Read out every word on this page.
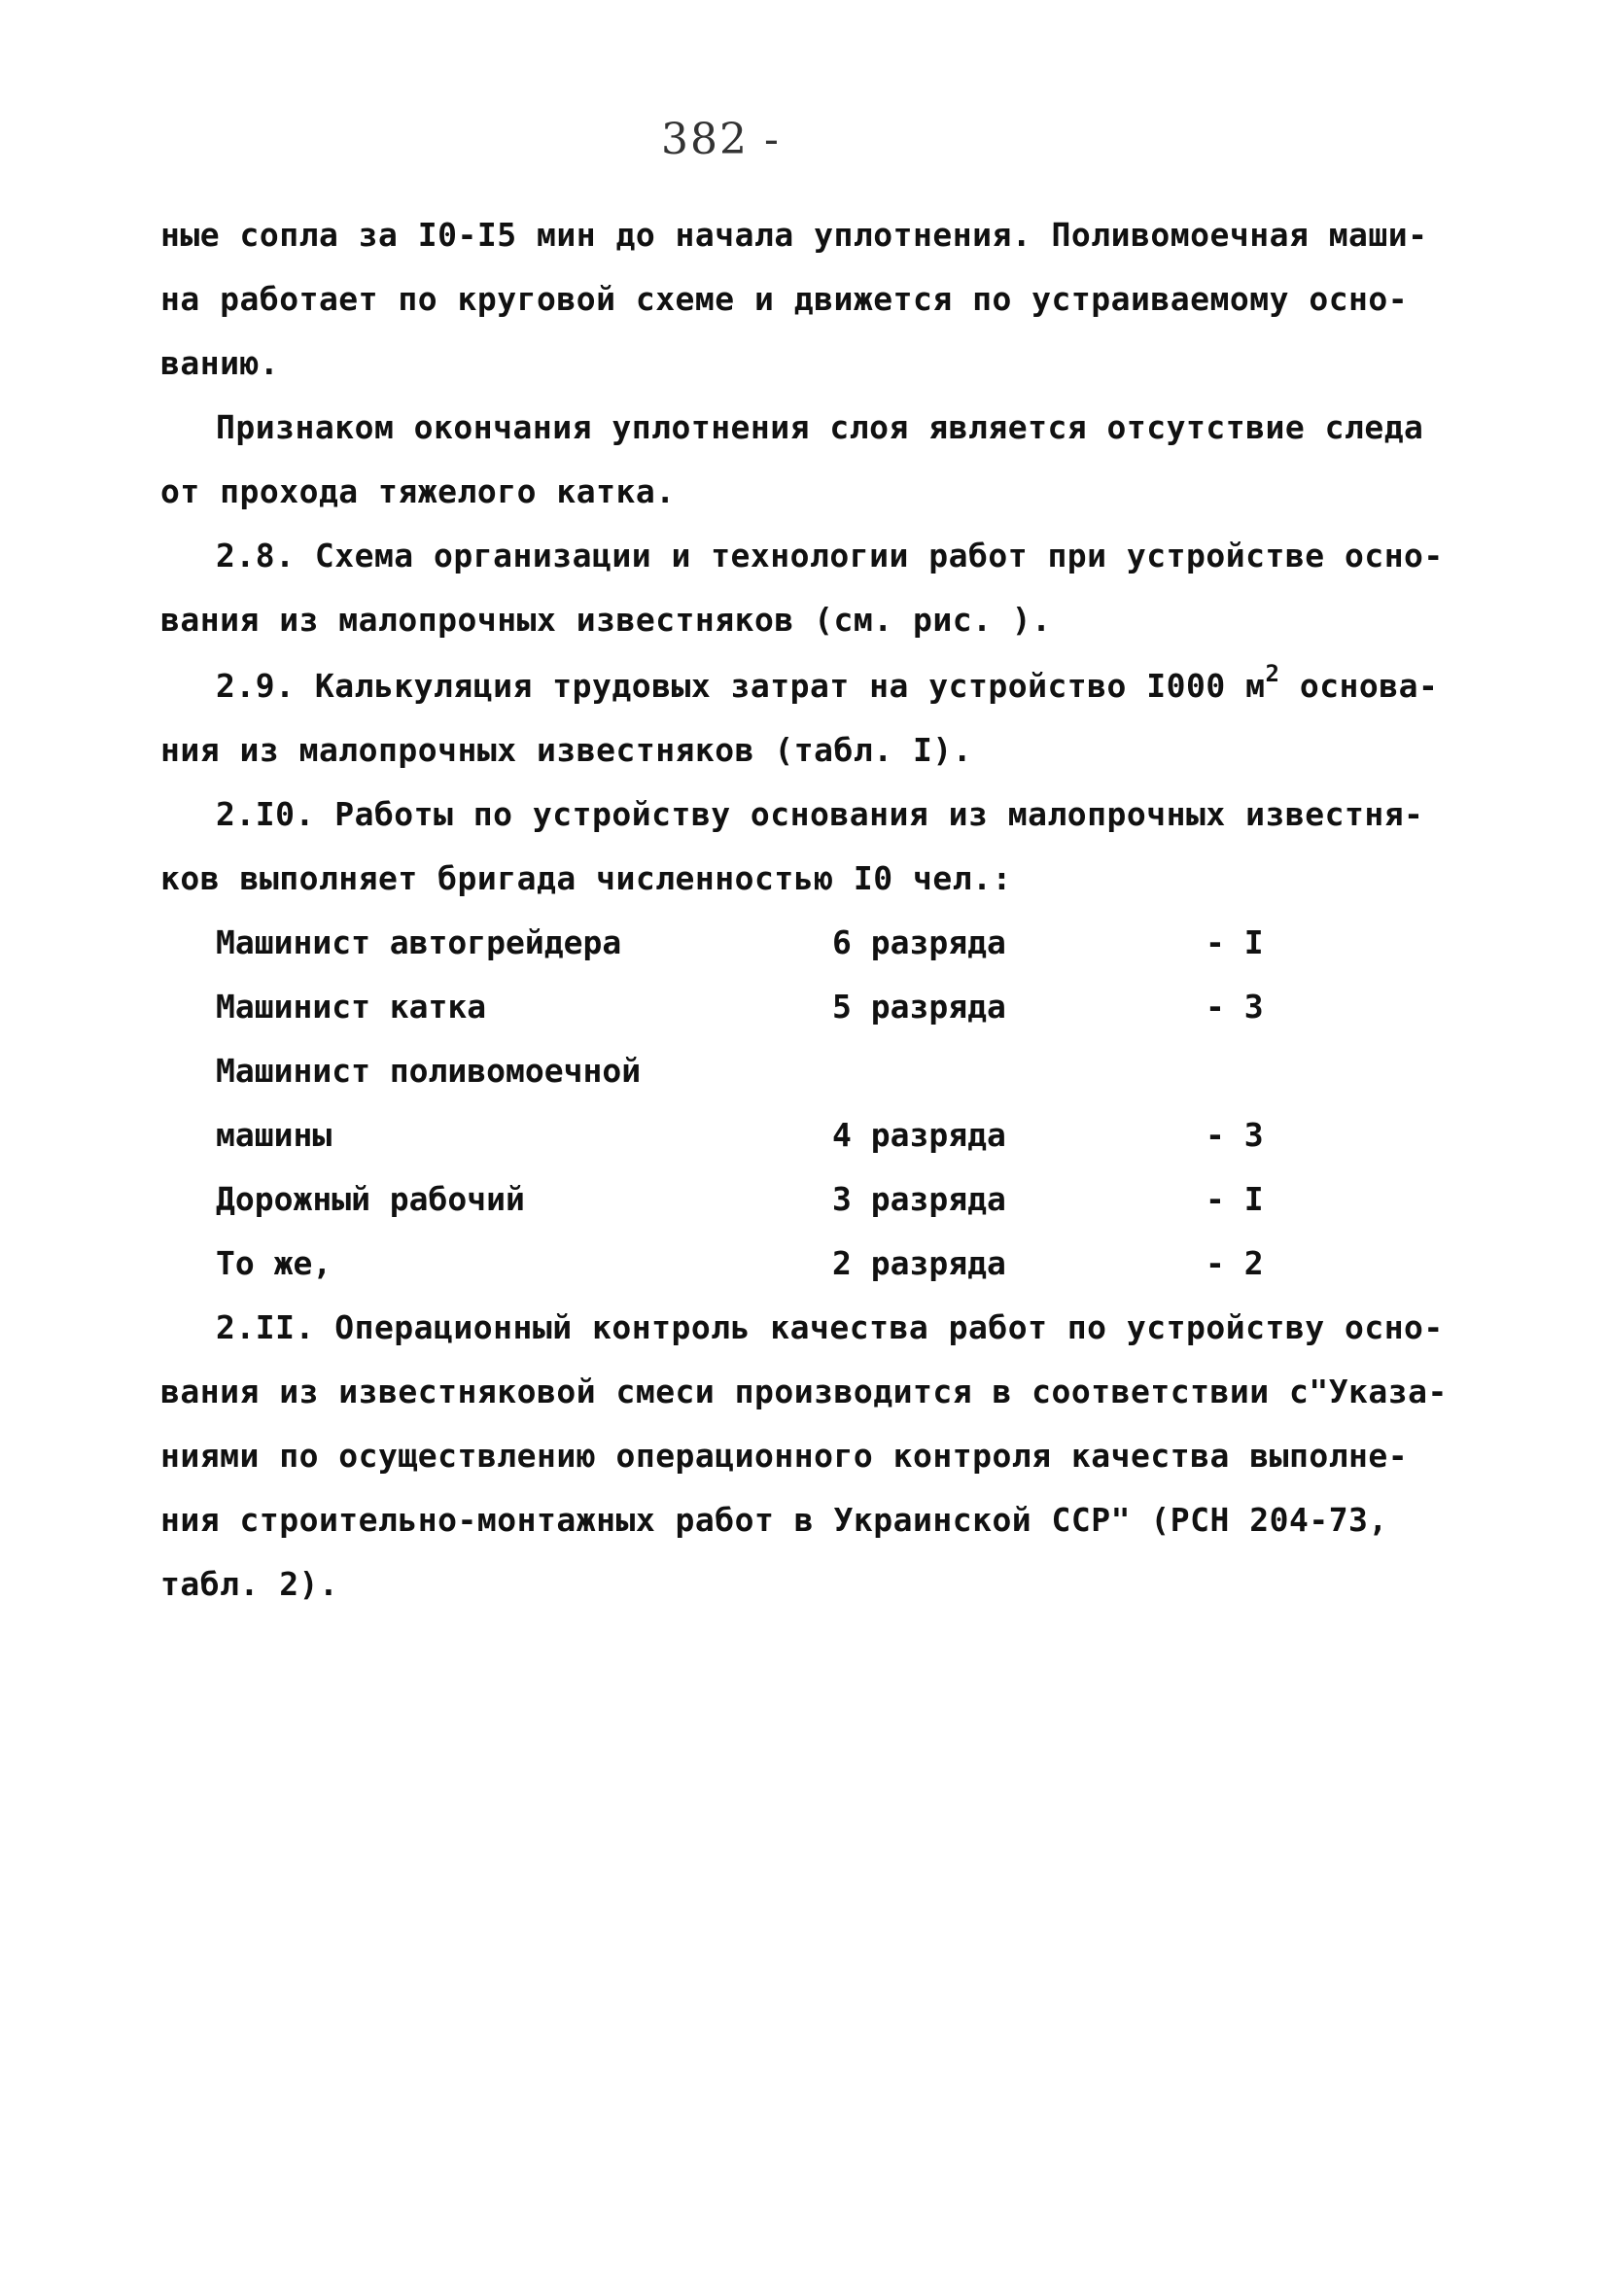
382 -
ные сопла за I0-I5 мин до начала уплотнения. Поливомоечная маши-
на работает по круговой схеме и движется по устраиваемому осно-
ванию.
Признаком окончания уплотнения слоя является отсутствие следа
от прохода тяжелого катка.
2.8. Схема организации и технологии работ при устройстве осно-
вания из малопрочных известняков (см. рис. ).
2.9. Калькуляция трудовых затрат на устройство I000 $м^2$ основа-
ния из малопрочных известняков (табл. I).
2.I0. Работы по устройству основания из малопрочных известня-
ков выполняет бригада численностью I0 чел.:
Машинист автогрейдера	6 разряда	- I
Машинист катка	5 разряда	- 3
Машинист поливомоечной
машины	4 разряда	- 3
Дорожный рабочий	3 разряда	- I
То же,	2 разряда	- 2
2.II. Операционный контроль качества работ по устройству осно-
вания из известняковой смеси производится в соответствии с"Указа-
ниями по осуществлению операционного контроля качества выполне-
ния строительно-монтажных работ в Украинской ССР" (РСН 204-73,
табл. 2).
